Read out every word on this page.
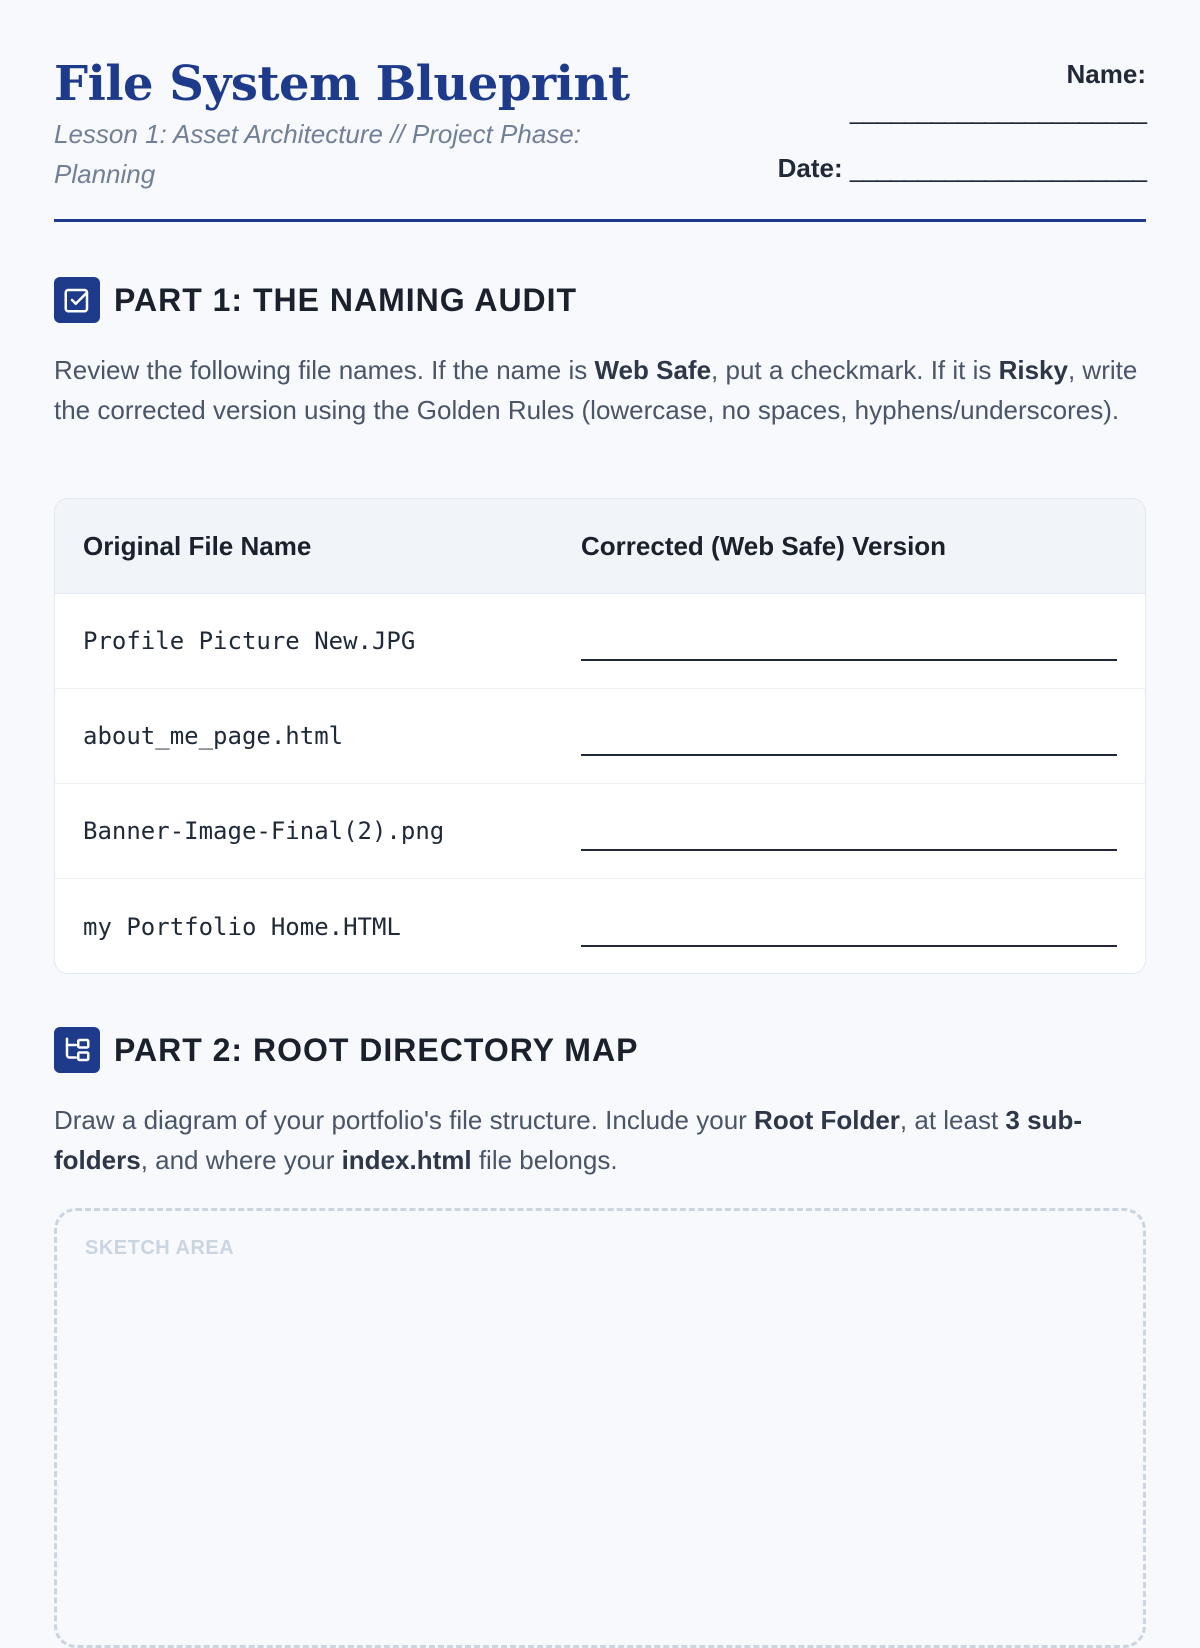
File System Blueprint

Lesson 1: Asset Architecture // Project Phase: Planning

Name:
______________________
Date: ______________________
PART 1: THE NAMING AUDIT

Review the following file names. If the name is Web Safe, put a checkmark. If it is Risky, write the corrected version using the Golden Rules (lowercase, no spaces, hyphens/underscores).

Original File Name	Corrected (Web Safe) Version
Profile Picture New.JPG
about_me_page.html
Banner-Image-Final(2).png
my Portfolio Home.HTML
PART 2: ROOT DIRECTORY MAP

Draw a diagram of your portfolio's file structure. Include your Root Folder, at least 3 sub-folders, and where your index.html file belongs.

SKETCH AREA
